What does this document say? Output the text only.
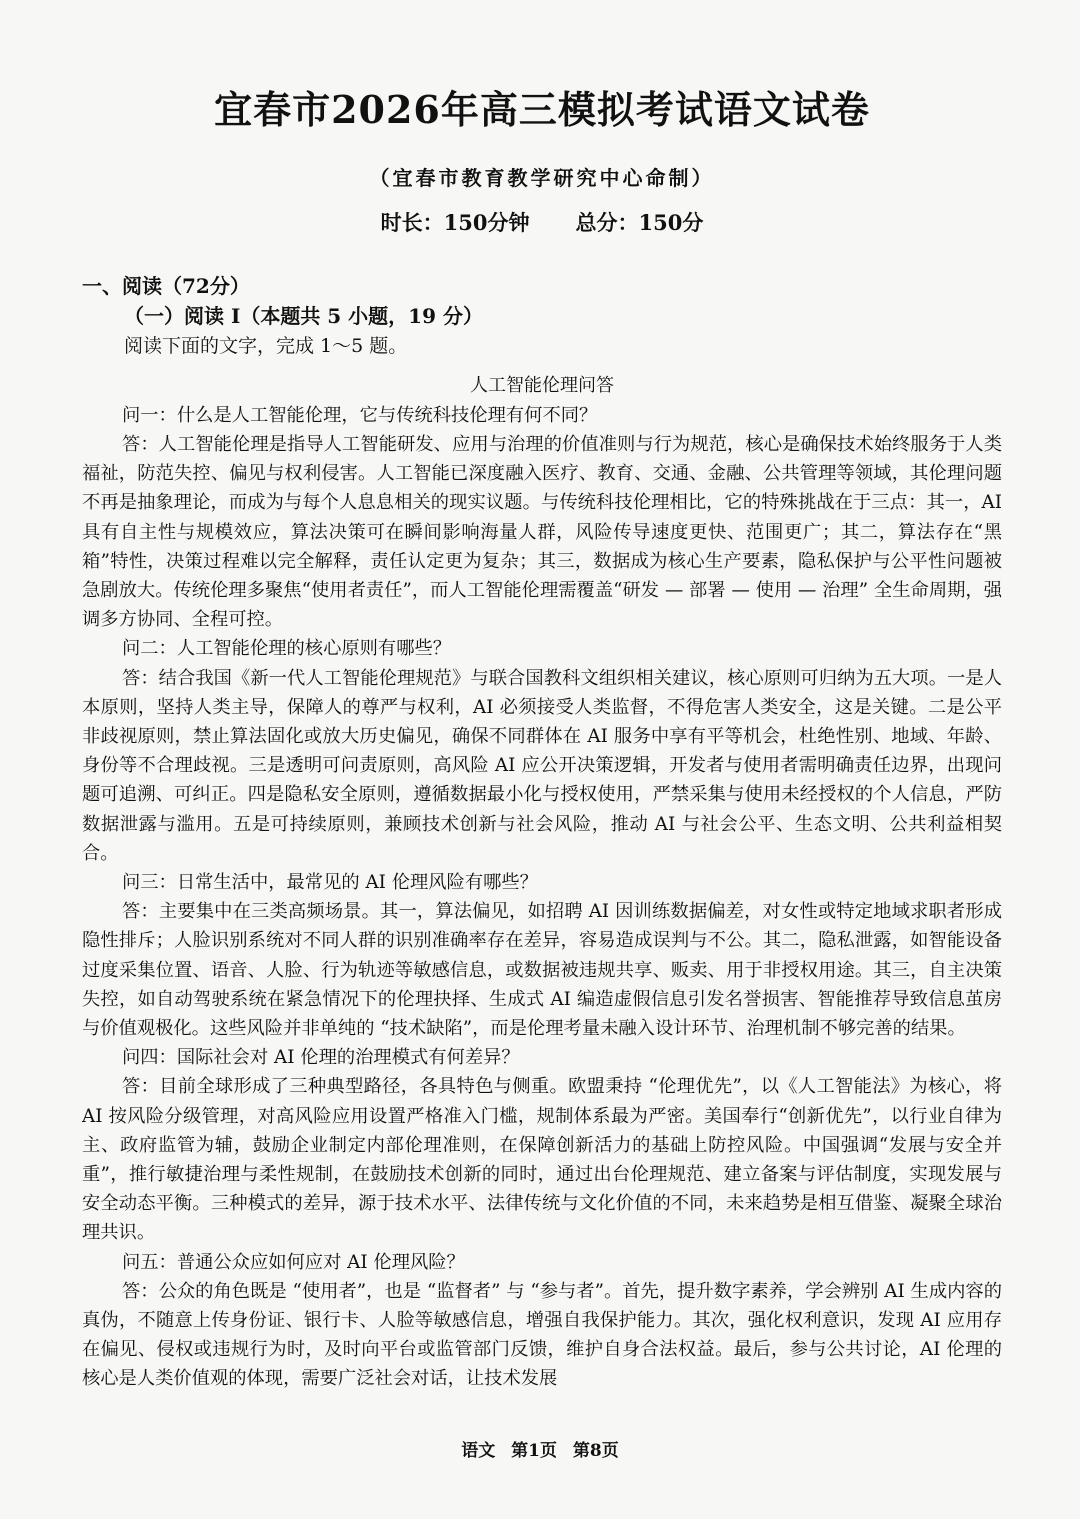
宜春市2026年高三模拟考试语文试卷
（宜春市教育教学研究中心命制）
时长：150分钟 总分：150分
一、阅读（72分）
（一）阅读 Ⅰ（本题共 5 小题，19 分）
阅读下面的文字，完成 1～5 题。
人工智能伦理问答

问一：什么是人工智能伦理，它与传统科技伦理有何不同？

答：人工智能伦理是指导人工智能研发、应用与治理的价值准则与行为规范，核心是确保技术始终服务于人类福祉，防范失控、偏见与权利侵害。人工智能已深度融入医疗、教育、交通、金融、公共管理等领域，其伦理问题不再是抽象理论，而成为与每个人息息相关的现实议题。与传统科技伦理相比，它的特殊挑战在于三点：其一，AI 具有自主性与规模效应，算法决策可在瞬间影响海量人群，风险传导速度更快、范围更广；其二，算法存在“黑箱”特性，决策过程难以完全解释，责任认定更为复杂；其三，数据成为核心生产要素，隐私保护与公平性问题被急剧放大。传统伦理多聚焦“使用者责任”，而人工智能伦理需覆盖“研发 — 部署 — 使用 — 治理” 全生命周期，强调多方协同、全程可控。

问二：人工智能伦理的核心原则有哪些？

答：结合我国《新一代人工智能伦理规范》与联合国教科文组织相关建议，核心原则可归纳为五大项。一是人本原则，坚持人类主导，保障人的尊严与权利，AI 必须接受人类监督，不得危害人类安全，这是关键。二是公平非歧视原则，禁止算法固化或放大历史偏见，确保不同群体在 AI 服务中享有平等机会，杜绝性别、地域、年龄、身份等不合理歧视。三是透明可问责原则，高风险 AI 应公开决策逻辑，开发者与使用者需明确责任边界，出现问题可追溯、可纠正。四是隐私安全原则，遵循数据最小化与授权使用，严禁采集与使用未经授权的个人信息，严防数据泄露与滥用。五是可持续原则，兼顾技术创新与社会风险，推动 AI 与社会公平、生态文明、公共利益相契合。

问三：日常生活中，最常见的 AI 伦理风险有哪些？

答：主要集中在三类高频场景。其一，算法偏见，如招聘 AI 因训练数据偏差，对女性或特定地域求职者形成隐性排斥；人脸识别系统对不同人群的识别准确率存在差异，容易造成误判与不公。其二，隐私泄露，如智能设备过度采集位置、语音、人脸、行为轨迹等敏感信息，或数据被违规共享、贩卖、用于非授权用途。其三，自主决策失控，如自动驾驶系统在紧急情况下的伦理抉择、生成式 AI 编造虚假信息引发名誉损害、智能推荐导致信息茧房与价值观极化。这些风险并非单纯的 “技术缺陷”，而是伦理考量未融入设计环节、治理机制不够完善的结果。

问四：国际社会对 AI 伦理的治理模式有何差异？

答：目前全球形成了三种典型路径，各具特色与侧重。欧盟秉持 “伦理优先”，以《人工智能法》为核心，将 AI 按风险分级管理，对高风险应用设置严格准入门槛，规制体系最为严密。美国奉行“创新优先”，以行业自律为主、政府监管为辅，鼓励企业制定内部伦理准则，在保障创新活力的基础上防控风险。中国强调“发展与安全并重”，推行敏捷治理与柔性规制，在鼓励技术创新的同时，通过出台伦理规范、建立备案与评估制度，实现发展与安全动态平衡。三种模式的差异，源于技术水平、法律传统与文化价值的不同，未来趋势是相互借鉴、凝聚全球治理共识。

问五：普通公众应如何应对 AI 伦理风险？

答：公众的角色既是 “使用者”，也是 “监督者” 与 “参与者”。首先，提升数字素养，学会辨别 AI 生成内容的真伪，不随意上传身份证、银行卡、人脸等敏感信息，增强自我保护能力。其次，强化权利意识，发现 AI 应用存在偏见、侵权或违规行为时，及时向平台或监管部门反馈，维护自身合法权益。最后，参与公共讨论，AI 伦理的核心是人类价值观的体现，需要广泛社会对话，让技术发展

语文 第1页 第8页
